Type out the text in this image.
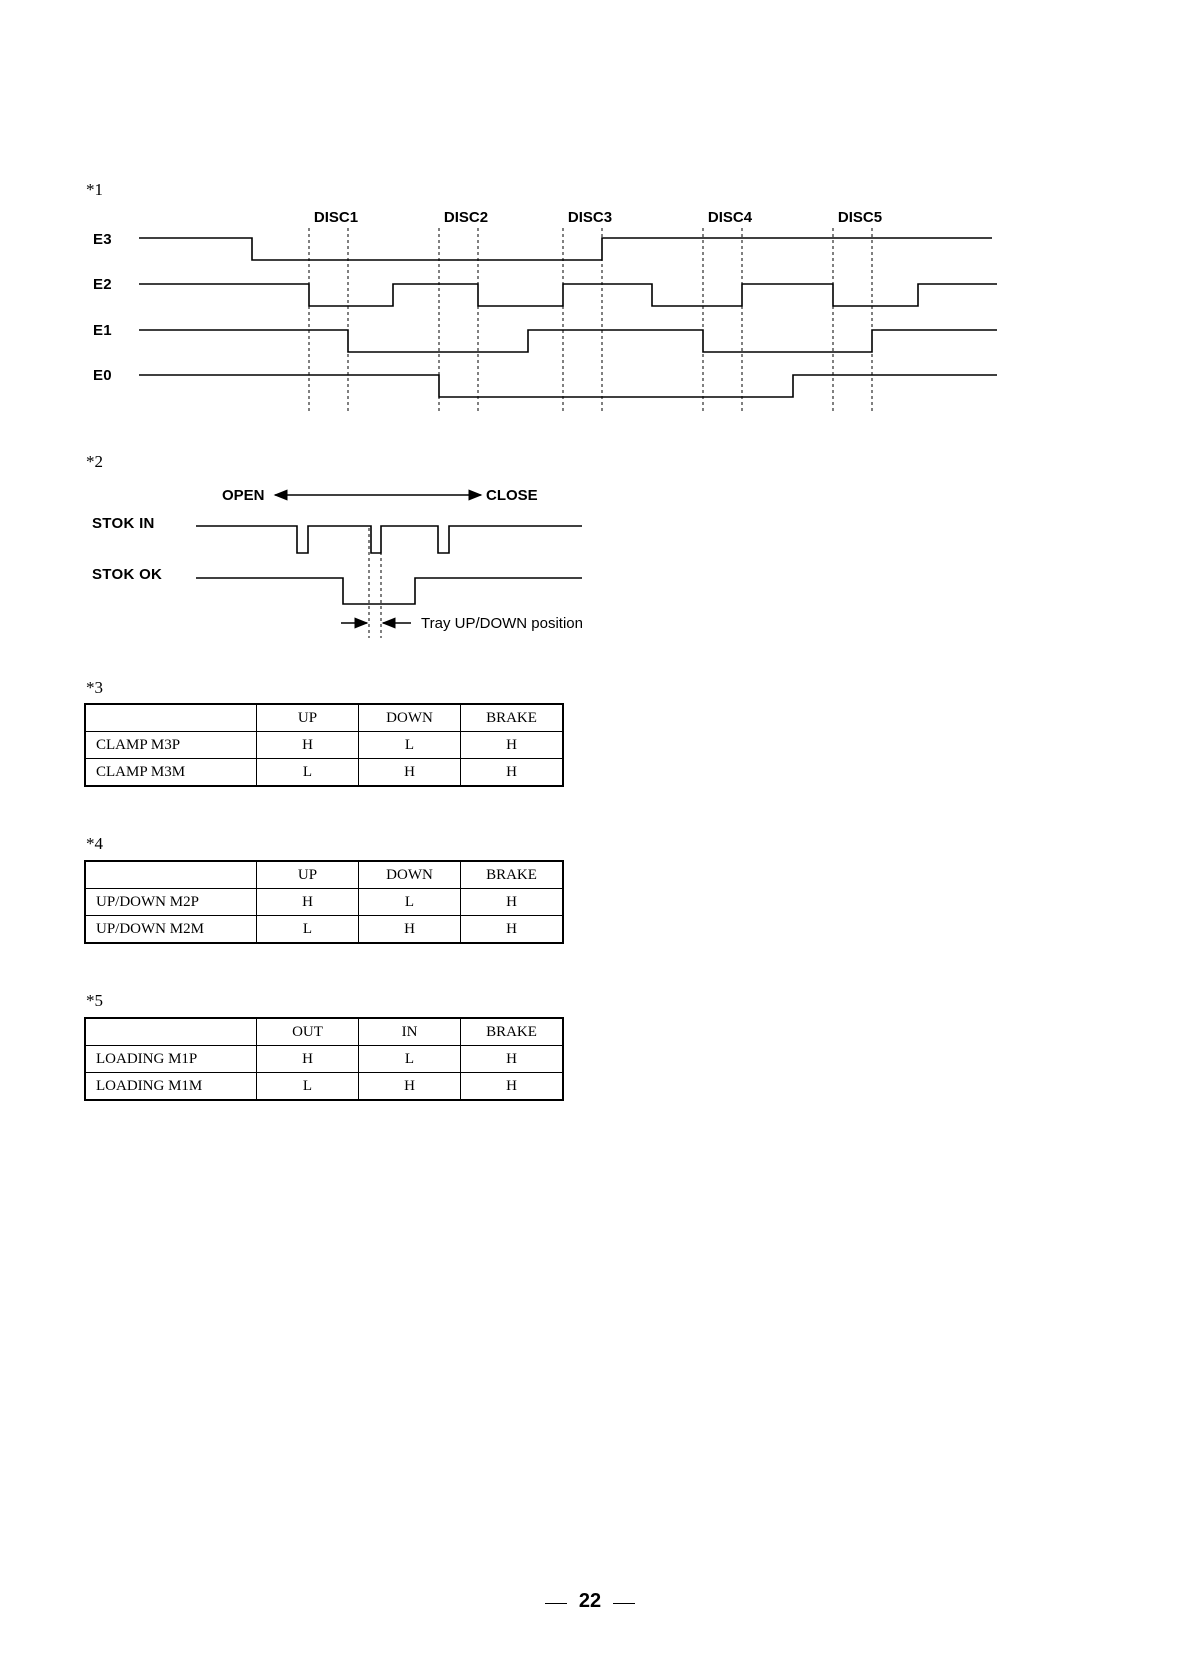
*1
E3
E2
E1
E0
DISC1	DISC2	DISC3	DISC4	DISC5
*2
STOK IN
STOK OK
OPEN	CLOSE
Tray UP/DOWN position
*3
	UP	DOWN	BRAKE
CLAMP M3P	H	L	H
CLAMP M3M	L	H	H
*4
	UP	DOWN	BRAKE
UP/DOWN M2P	H	L	H
UP/DOWN M2M	L	H	H
*5
	OUT	IN	BRAKE
LOADING M1P	H	L	H
LOADING M1M	L	H	H
22
